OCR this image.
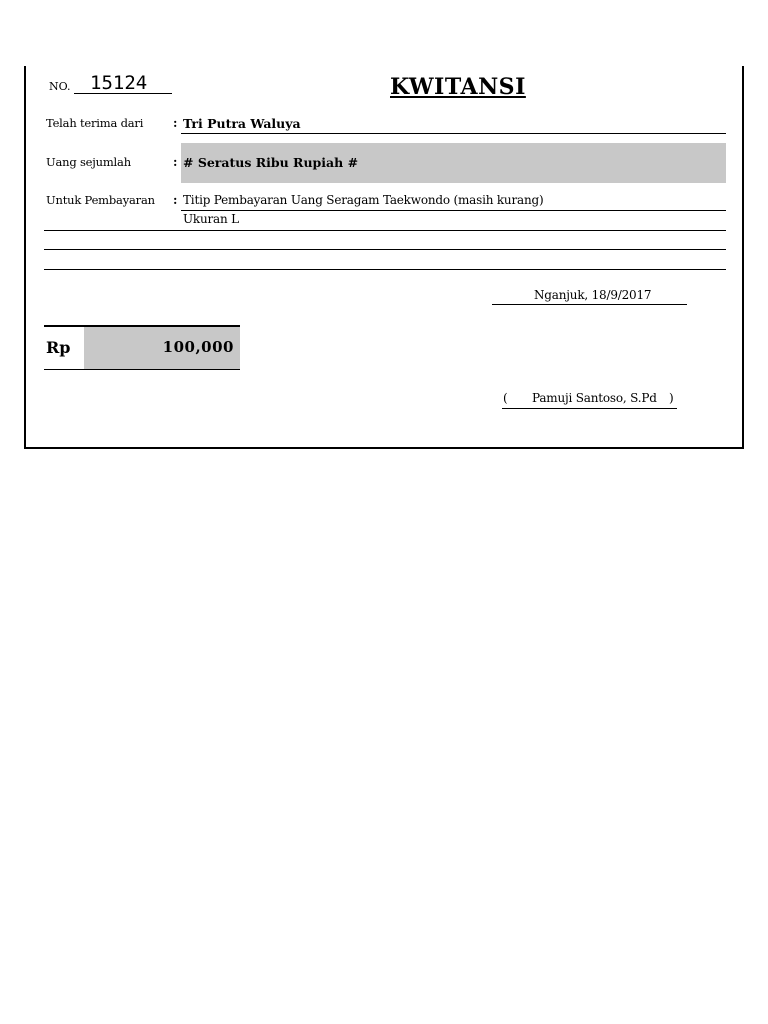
NO. 15124	KWITANSI
Telah terima dari : Tri Putra Waluya
Uang sejumlah	: # Seratus Ribu Rupiah #
Untuk Pembayaran : Titip Pembayaran Uang Seragam Taekwondo (masih kurang)
Ukuran L
Nganjuk, 18/9/2017
Rp	100,000
( Pamuji Santoso, S.Pd )
